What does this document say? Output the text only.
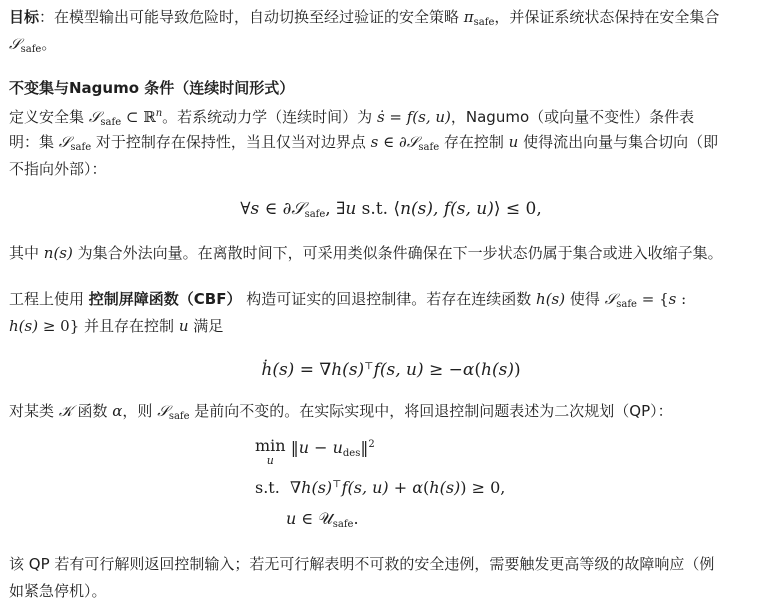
目标：在模型输出可能导致危险时，自动切换至经过验证的安全策略 $\pi_{safe}$，并保证系统状态保持在安全集合
𝒮$_{safe}$。
不变集与Nagumo 条件（连续时间形式）
定义安全集 𝒮$_{safe}$ ⊂ ℝ$^n$。若系统动力学（连续时间）为 ṡ = f(s, u)，Nagumo（或向量不变性）条件表
明：集 𝒮$_{safe}$ 对于控制存在保持性，当且仅当对边界点 s ∈ ∂𝒮$_{safe}$ 存在控制 u 使得流出向量与集合切向（即
不指向外部）：
∀s ∈ ∂𝒮$_{safe}$, ∃u s.t. ⟨n(s), f(s, u)⟩ ≤ 0,
其中 n(s) 为集合外法向量。在离散时间下，可采用类似条件确保在下一步状态仍属于集合或进入收缩子集。
工程上使用 控制屏障函数（CBF） 构造可证实的回退控制律。若存在连续函数 h(s) 使得 𝒮$_{safe}$ = {s :
h(s) ≥ 0} 并且存在控制 u 满足
ḣ(s) = ∇h(s)⊤f(s, u) ≥ −α(h(s))
对某类 𝒦 函数 α，则 𝒮$_{safe}$ 是前向不变的。在实际实现中，将回退控制问题表述为二次规划（QP）：
min
u
‖u − $u_{des}‖^2$
s.t. ∇h(s)⊤f(s, u) + α(h(s)) ≥ 0,
u ∈ 𝒰$_{safe}$.
该 QP 若有可行解则返回控制输入；若无可行解表明不可救的安全违例，需要触发更高等级的故障响应（例
如紧急停机）。
